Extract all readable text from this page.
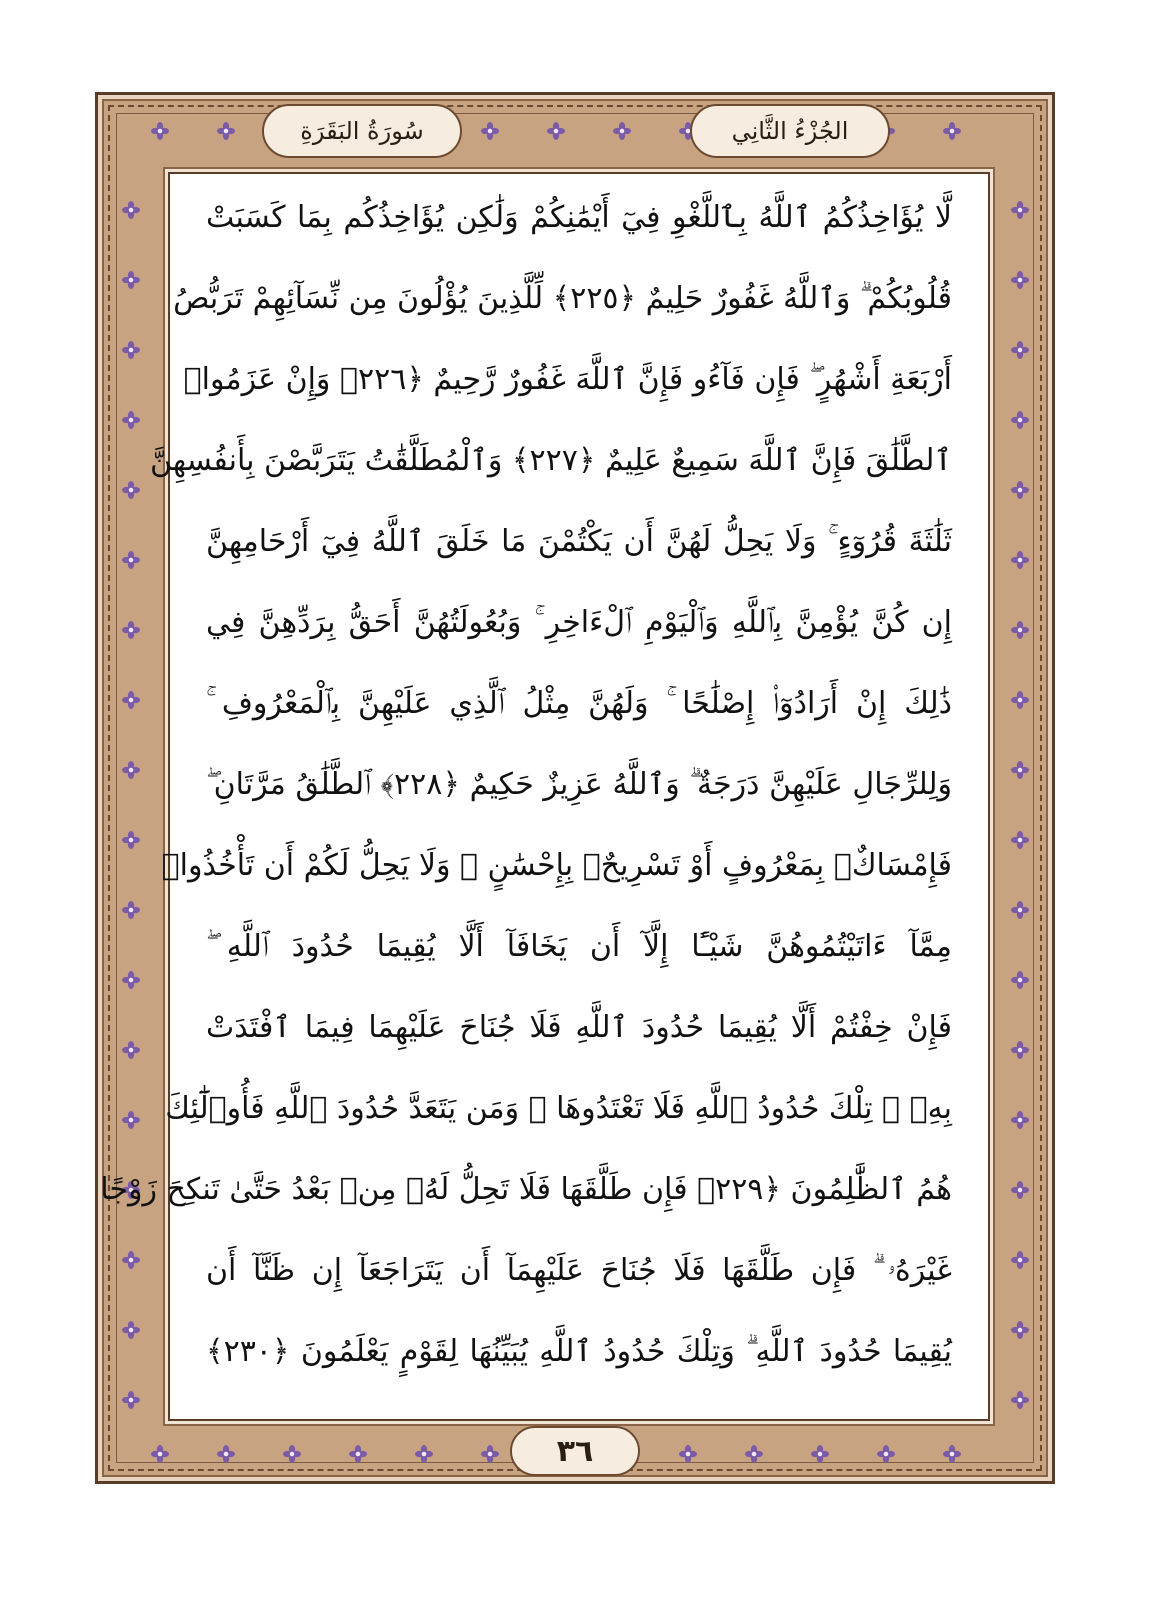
الجُزْءُ الثَّانِي
سُورَةُ البَقَرَةِ
لَّا يُؤَاخِذُكُمُ ٱللَّهُ بِٱللَّغْوِ فِيٓ أَيْمَٰنِكُمْ وَلَٰكِن يُؤَاخِذُكُم بِمَا كَسَبَتْ
قُلُوبُكُمْ ۗ وَٱللَّهُ غَفُورٌ حَلِيمٌ ﴿٢٢٥﴾ لِّلَّذِينَ يُؤْلُونَ مِن نِّسَآئِهِمْ تَرَبُّصُ
أَرْبَعَةِ أَشْهُرٍ ۖ فَإِن فَآءُو فَإِنَّ ٱللَّهَ غَفُورٌ رَّحِيمٌ ﴿٢٢٦﴾ وَإِنْ عَزَمُوا۟
ٱلطَّلَٰقَ فَإِنَّ ٱللَّهَ سَمِيعٌ عَلِيمٌ ﴿٢٢٧﴾ وَٱلْمُطَلَّقَٰتُ يَتَرَبَّصْنَ بِأَنفُسِهِنَّ
ثَلَٰثَةَ قُرُوٓءٍ ۚ وَلَا يَحِلُّ لَهُنَّ أَن يَكْتُمْنَ مَا خَلَقَ ٱللَّهُ فِيٓ أَرْحَامِهِنَّ
إِن كُنَّ يُؤْمِنَّ بِٱللَّهِ وَٱلْيَوْمِ ٱلْءَاخِرِ ۚ وَبُعُولَتُهُنَّ أَحَقُّ بِرَدِّهِنَّ فِي
ذَٰلِكَ إِنْ أَرَادُوٓا۟ إِصْلَٰحًا ۚ وَلَهُنَّ مِثْلُ ٱلَّذِي عَلَيْهِنَّ بِٱلْمَعْرُوفِ ۚ
وَلِلرِّجَالِ عَلَيْهِنَّ دَرَجَةٌ ۗ وَٱللَّهُ عَزِيزٌ حَكِيمٌ ﴿٢٢٨﴾ ٱلطَّلَٰقُ مَرَّتَانِ ۖ
فَإِمْسَاكٌۢ بِمَعْرُوفٍ أَوْ تَسْرِيحٌۢ بِإِحْسَٰنٍ ۗ وَلَا يَحِلُّ لَكُمْ أَن تَأْخُذُوا۟
مِمَّآ ءَاتَيْتُمُوهُنَّ شَيْـًٔا إِلَّآ أَن يَخَافَآ أَلَّا يُقِيمَا حُدُودَ ٱللَّهِ ۖ
فَإِنْ خِفْتُمْ أَلَّا يُقِيمَا حُدُودَ ٱللَّهِ فَلَا جُنَاحَ عَلَيْهِمَا فِيمَا ٱفْتَدَتْ
بِهِۦ ۗ تِلْكَ حُدُودُ ٱللَّهِ فَلَا تَعْتَدُوهَا ۚ وَمَن يَتَعَدَّ حُدُودَ ٱللَّهِ فَأُو۟لَٰٓئِكَ
هُمُ ٱلظَّٰلِمُونَ ﴿٢٢٩﴾ فَإِن طَلَّقَهَا فَلَا تَحِلُّ لَهُۥ مِنۢ بَعْدُ حَتَّىٰ تَنكِحَ زَوْجًا
غَيْرَهُۥ ۗ فَإِن طَلَّقَهَا فَلَا جُنَاحَ عَلَيْهِمَآ أَن يَتَرَاجَعَآ إِن ظَنَّآ أَن
يُقِيمَا حُدُودَ ٱللَّهِ ۗ وَتِلْكَ حُدُودُ ٱللَّهِ يُبَيِّنُهَا لِقَوْمٍ يَعْلَمُونَ ﴿٢٣٠﴾
٣٦
